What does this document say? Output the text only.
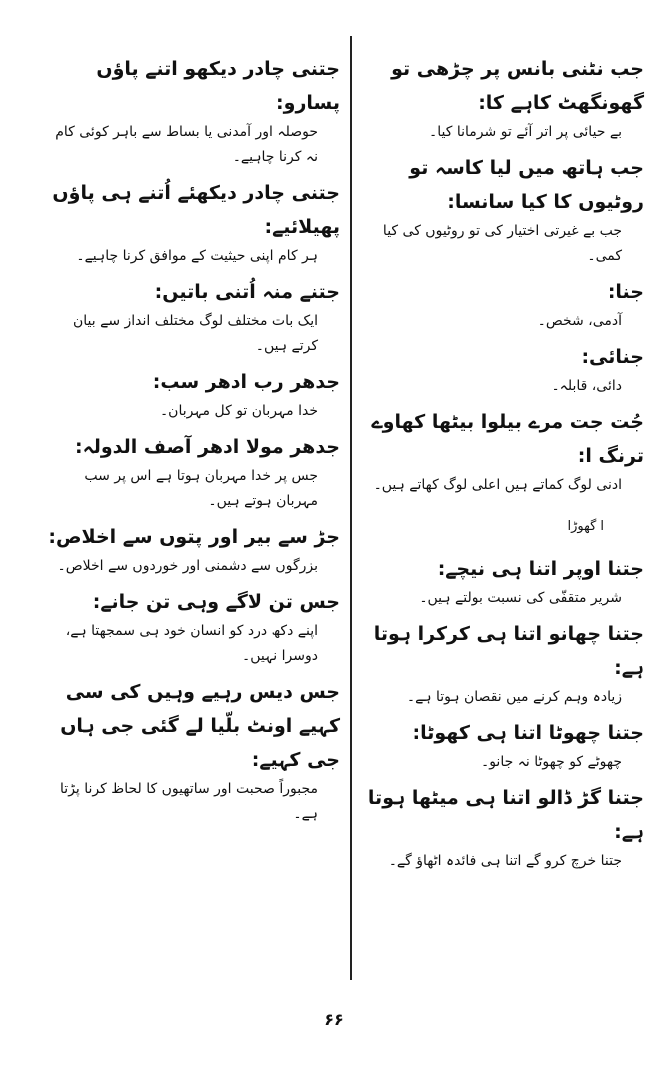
جب نٹنی بانس پر چڑھی تو گھونگھٹ کاہے کا:

بے حیائی پر اتر آئے تو شرمانا کیا۔

جب ہاتھ میں لیا کاسہ تو روٹیوں کا کیا سانسا:

جب بے غیرتی اختیار کی تو روٹیوں کی کیا کمی۔

جنا:

آدمی، شخص۔

جنائی:

دائی، قابلہ۔

جُت جت مرے بیلوا بیٹھا کھاوے ترنگ ا:

ادنی لوگ کماتے ہیں اعلی لوگ کھاتے ہیں۔

ا گھوڑا

جتنا اوپر اتنا ہی نیچے:

شریر متقفّی کی نسبت بولتے ہیں۔

جتنا چھانو اتنا ہی کرکرا ہوتا ہے:

زیادہ وہم کرنے میں نقصان ہوتا ہے۔

جتنا چھوٹا اتنا ہی کھوٹا:

چھوٹے کو چھوٹا نہ جانو۔

جتنا گڑ ڈالو اتنا ہی میٹھا ہوتا ہے:

جتنا خرچ کرو گے اتنا ہی فائدہ اٹھاؤ گے۔

جتنی چادر دیکھو اتنے پاؤں پسارو:

حوصلہ اور آمدنی یا بساط سے باہر کوئی کام نہ کرنا چاہیے۔

جتنی چادر دیکھئے اُتنے ہی پاؤں پھیلائیے:

ہر کام اپنی حیثیت کے موافق کرنا چاہیے۔

جتنے منہ اُتنی باتیں:

ایک بات مختلف لوگ مختلف انداز سے بیان کرتے ہیں۔

جدھر رب ادھر سب:

خدا مہربان تو کل مہربان۔

جدھر مولا ادھر آصف الدولہ:

جس پر خدا مہربان ہوتا ہے اس پر سب مہربان ہوتے ہیں۔

جڑ سے بیر اور پتوں سے اخلاص:

بزرگوں سے دشمنی اور خوردوں سے اخلاص۔

جس تن لاگے وہی تن جانے:

اپنے دکھ درد کو انسان خود ہی سمجھتا ہے، دوسرا نہیں۔

جس دیس رہیے وہیں کی سی کہیے اونٹ بلّیا لے گئی جی ہاں جی کہیے:

مجبوراً صحبت اور ساتھیوں کا لحاظ کرنا پڑتا ہے۔

۶۶
